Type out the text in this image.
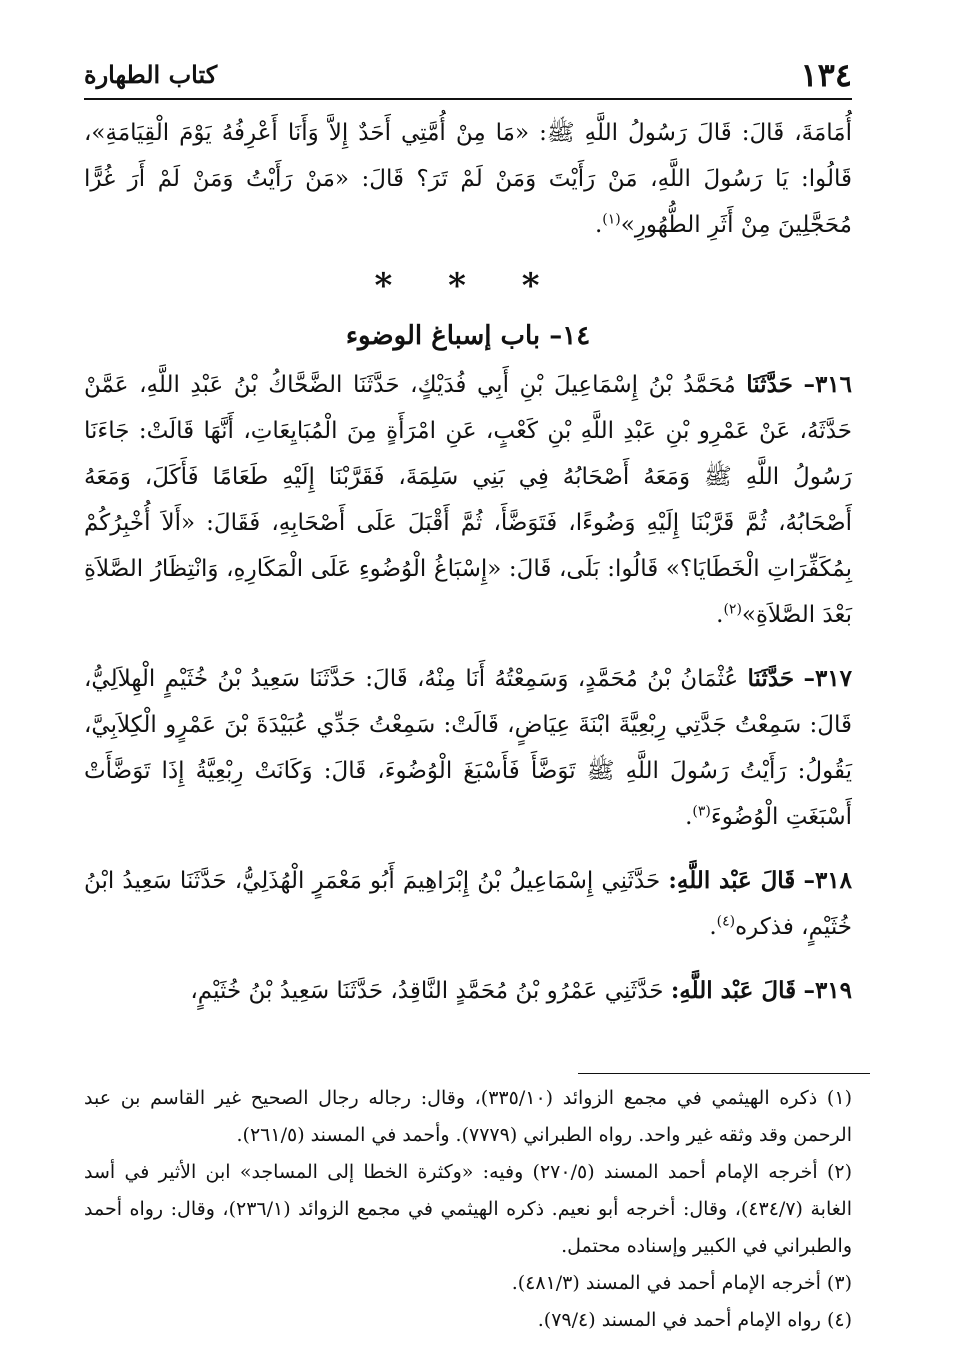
١٣٤
كتاب الطهارة

أُمَامَةَ، قَالَ: قَالَ رَسُولُ اللَّهِ ﷺ: «مَا مِنْ أُمَّتِي أَحَدٌ إِلاَّ وَأَنَا أَعْرِفُهُ يَوْمَ الْقِيَامَةِ»، قَالُوا: يَا رَسُولَ اللَّهِ، مَنْ رَأَيْتَ وَمَنْ لَمْ تَرَ؟ قَالَ: «مَنْ رَأَيْتُ وَمَنْ لَمْ أَرَ غُرًّا مُحَجَّلِينَ مِنْ أَثَرِ الطُّهُورِ»$^{(١)}$.

* * *
١٤– باب إسباغ الوضوء

٣١٦– حَدَّثَنَا مُحَمَّدُ بْنُ إِسْمَاعِيلَ بْنِ أَبِي فُدَيْكٍ، حَدَّثَنَا الضَّحَّاكُ بْنُ عَبْدِ اللَّهِ، عَمَّنْ حَدَّثَهُ، عَنْ عَمْرِو بْنِ عَبْدِ اللَّهِ بْنِ كَعْبٍ، عَنِ امْرَأَةٍ مِنَ الْمُبَايِعَاتِ، أَنَّهَا قَالَتْ: جَاءَنَا رَسُولُ اللَّهِ ﷺ وَمَعَهُ أَصْحَابُهُ فِي بَنِي سَلِمَةَ، فَقَرَّبْنَا إِلَيْهِ طَعَامًا فَأَكَلَ، وَمَعَهُ أَصْحَابُهُ، ثُمَّ قَرَّبْنَا إِلَيْهِ وَضُوءًا، فَتَوَضَّأَ، ثُمَّ أَقْبَلَ عَلَى أَصْحَابِهِ، فَقَالَ: «أَلاَ أُخْبِرُكُمْ بِمُكَفِّرَاتِ الْخَطَايَا؟» قَالُوا: بَلَى، قَالَ: «إِسْبَاغُ الْوُضُوءِ عَلَى الْمَكَارِهِ، وَانْتِظَارُ الصَّلاَةِ بَعْدَ الصَّلاَةِ»$^{(٢)}$.

٣١٧– حَدَّثَنَا عُثْمَانُ بْنُ مُحَمَّدٍ، وَسَمِعْتُهُ أَنَا مِنْهُ، قَالَ: حَدَّثَنَا سَعِيدُ بْنُ خُثَيْمٍ الْهِلاَلِيُّ، قَالَ: سَمِعْتُ جَدَّتِي رِبْعِيَّةَ ابْنَةَ عِيَاضٍ، قَالَتْ: سَمِعْتُ جَدِّي عُبَيْدَةَ بْنَ عَمْرٍو الْكِلاَبِيَّ، يَقُولُ: رَأَيْتُ رَسُولَ اللَّهِ ﷺ تَوَضَّأَ فَأَسْبَغَ الْوُضُوءَ، قَالَ: وَكَانَتْ رِبْعِيَّةُ إِذَا تَوَضَّأَتْ أَسْبَغَتِ الْوُضُوءَ$^{(٣)}$.

٣١٨– قَالَ عَبْد اللَّهِ: حَدَّثَنِي إِسْمَاعِيلُ بْنُ إِبْرَاهِيمَ أَبُو مَعْمَرٍ الْهُذَلِيُّ، حَدَّثَنَا سَعِيدُ ابْنُ خُثَيْمٍ، فذكره$^{(٤)}$.

٣١٩– قَالَ عَبْد اللَّهِ: حَدَّثَنِي عَمْرُو بْنُ مُحَمَّدٍ النَّاقِدُ، حَدَّثَنَا سَعِيدُ بْنُ خُثَيْمٍ،

(١) ذكره الهيثمي في مجمع الزوائد (٣٣٥/١٠)، وقال: رجاله رجال الصحيح غير القاسم بن عبد الرحمن وقد وثقه غير واحد. رواه الطبراني (٧٧٧٩). وأحمد في المسند (٢٦١/٥).

(٢) أخرجه الإمام أحمد المسند (٢٧٠/٥) وفيه: «وكثرة الخطا إلى المساجد» ابن الأثير في أسد الغابة (٤٣٤/٧)، وقال: أخرجه أبو نعيم. ذكره الهيثمي في مجمع الزوائد (٢٣٦/١)، وقال: رواه أحمد والطبراني في الكبير وإسناده محتمل.

(٣) أخرجه الإمام أحمد في المسند (٤٨١/٣).

(٤) رواه الإمام أحمد في المسند (٧٩/٤).
